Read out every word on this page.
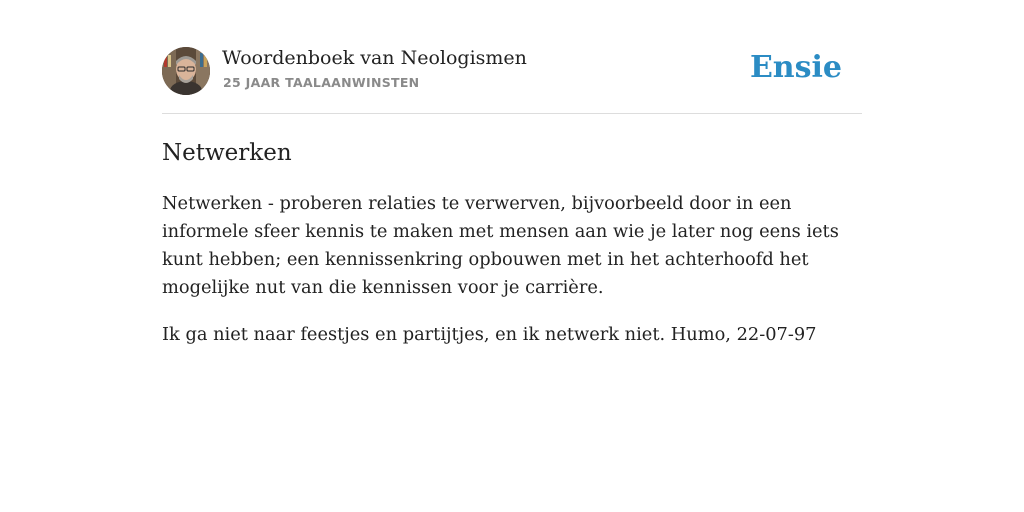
Woordenboek van Neologismen
25 JAAR TAALAANWINSTEN	Ensie
Netwerken

Netwerken - proberen relaties te verwerven, bijvoorbeeld door in een informele sfeer kennis te maken met mensen aan wie je later nog eens iets kunt hebben; een kennissenkring opbouwen met in het achterhoofd het mogelijke nut van die kennissen voor je carrière.

Ik ga niet naar feestjes en partijtjes, en ik netwerk niet. Humo, 22-07-97
